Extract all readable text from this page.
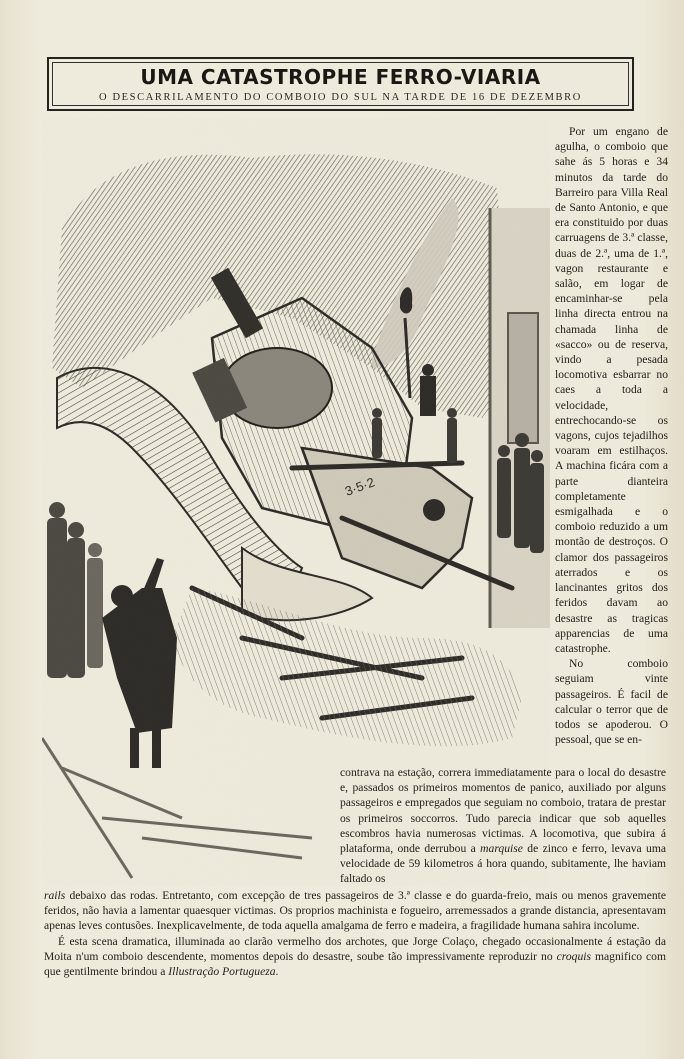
UMA CATASTROPHE FERRO-VIARIA
O DESCARRILAMENTO DO COMBOIO DO SUL NA TARDE DE 16 DE DEZEMBRO
3·5·2

Por um engano de agulha, o comboio que sahe ás 5 horas e 34 minutos da tarde do Barreiro para Villa Real de Santo Antonio, e que era constituido por duas carruagens de 3.ª classe, duas de 2.ª, uma de 1.ª, vagon restaurante e salão, em logar de encaminhar-se pela linha directa entrou na chamada linha de «sacco» ou de reserva, vindo a pesada locomotiva esbarrar no caes a toda a velocidade, entrechocando-se os vagons, cujos tejadilhos voaram em estilhaços. A machina ficára com a parte dianteira completamente esmigalhada e o comboio reduzido a um montão de destroços. O clamor dos passageiros aterrados e os lancinantes gritos dos feridos davam ao desastre as tragicas apparencias de uma catastrophe.

No comboio seguiam vinte passageiros. É facil de calcular o terror que de todos se apoderou. O pessoal, que se en-

contrava na estação, correra immediatamente para o local do desastre e, passados os primeiros momentos de panico, auxiliado por alguns passageiros e empregados que seguiam no comboio, tratara de prestar os primeiros soccorros. Tudo parecia indicar que sob aquelles escombros havia numerosas victimas. A locomotiva, que subira á plataforma, onde derrubou a marquise de zinco e ferro, levava uma velocidade de 59 kilometros á hora quando, subitamente, lhe haviam faltado os

rails debaixo das rodas. Entretanto, com excepção de tres passageiros de 3.ª classe e do guarda-freio, mais ou menos gravemente feridos, não havia a lamentar quaesquer victimas. Os proprios machinista e fogueiro, arremessados a grande distancia, apresentavam apenas leves contusões. Inexplicavelmente, de toda aquella amalgama de ferro e madeira, a fragilidade humana sahira incolume.

É esta scena dramatica, illuminada ao clarão vermelho dos archotes, que Jorge Colaço, chegado occasionalmente á estação da Moita n'um comboio descendente, momentos depois do desastre, soube tão impressivamente reproduzir no croquis magnifico com que gentilmente brindou a Illustração Portugueza.
